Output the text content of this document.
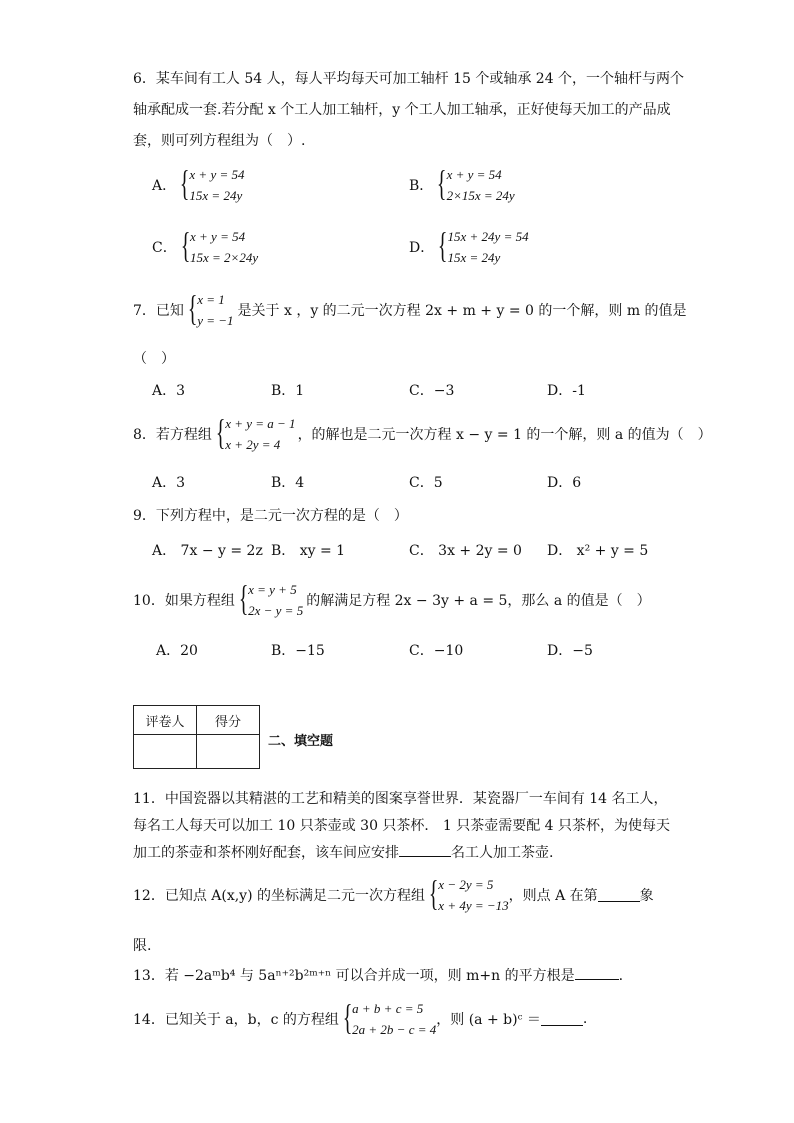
6．某车间有工人 54 人，每人平均每天可加工轴杆 15 个或轴承 24 个，一个轴杆与两个
轴承配成一套.若分配 x 个工人加工轴杆，y 个工人加工轴承，正好使每天加工的产品成
套，则可列方程组为（　）.
A． { x + y = 54
15x = 24y
B． { x + y = 54
2×15x = 24y
C． { x + y = 54
15x = 2×24y
D． { 15x + 24y = 54
15x = 24y
7．已知 { x = 1
y = −1
是关于 x ，y 的二元一次方程 2x + m + y = 0 的一个解，则 m 的值是
（　）
A．3	B．1	C．−3	D．-1
8．若方程组 { x + y = a − 1
x + 2y = 4
，的解也是二元一次方程 x − y = 1 的一个解，则 a 的值为（　）
A．3	B．4	C．5	D．6
9．下列方程中，是二元一次方程的是（　）
A． 7x − y = 2z B． xy = 1	C． 3x + 2y = 0 D． x² + y = 5
10．如果方程组 { x = y + 5
2x − y = 5
的解满足方程 2x − 3y + a = 5，那么 a 的值是（　）
A．20	B．−15	C．−10	D．−5
评卷人	得分

二、填空题
11．中国瓷器以其精湛的工艺和精美的图案享誉世界．某瓷器厂一车间有 14 名工人，
每名工人每天可以加工 10 只茶壶或 30 只茶杯． 1 只茶壶需要配 4 只茶杯，为使每天
加工的茶壶和茶杯刚好配套，该车间应安排	名工人加工茶壶.
12．已知点 A(x,y) 的坐标满足二元一次方程组 { x − 2y = 5
x + 4y = −13
，则点 A 在第	象
限.
13．若 −2aᵐb⁴ 与 5aⁿ⁺²b²ᵐ⁺ⁿ 可以合并成一项，则 m+n 的平方根是	.
14．已知关于 a，b，c 的方程组 { a + b + c = 5
2a + 2b − c = 4
，则 (a + b)ᶜ ＝	.
